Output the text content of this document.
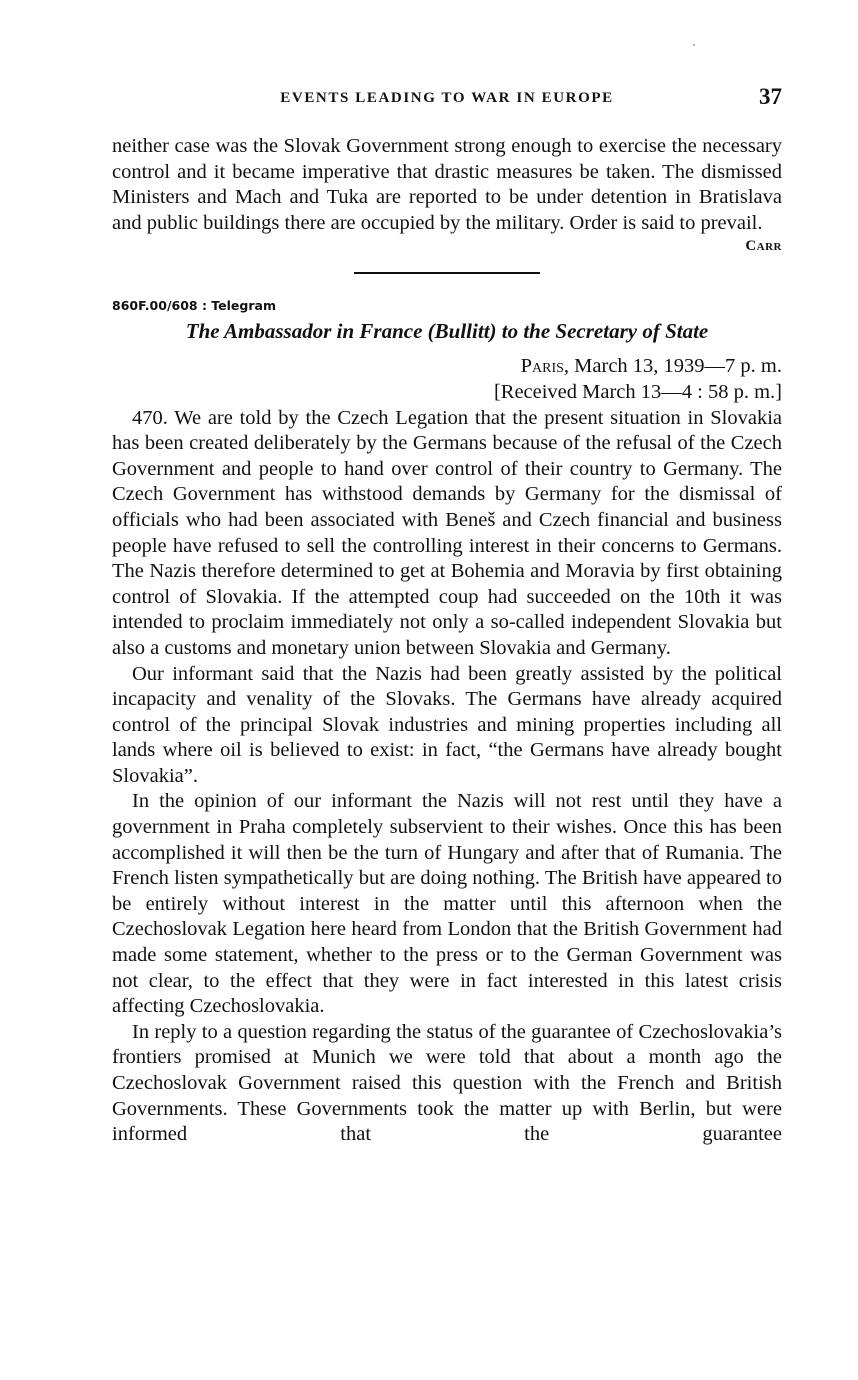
EVENTS LEADING TO WAR IN EUROPE	37

neither case was the Slovak Government strong enough to exercise the necessary control and it became imperative that drastic measures be taken. The dismissed Ministers and Mach and Tuka are reported to be under detention in Bratislava and public buildings there are occupied by the military. Order is said to prevail.

Carr
860F.00/608 : Telegram
The Ambassador in France (Bullitt) to the Secretary of State
Paris, March 13, 1939—7 p. m.
[Received March 13—4 : 58 p. m.]

470. We are told by the Czech Legation that the present situation in Slovakia has been created deliberately by the Germans because of the refusal of the Czech Government and people to hand over control of their country to Germany. The Czech Government has withstood demands by Germany for the dismissal of officials who had been associated with Beneš and Czech financial and business people have refused to sell the controlling interest in their concerns to Germans. The Nazis therefore determined to get at Bohemia and Moravia by first obtaining control of Slovakia. If the attempted coup had succeeded on the 10th it was intended to proclaim immediately not only a so-called independent Slovakia but also a customs and monetary union between Slovakia and Germany.

Our informant said that the Nazis had been greatly assisted by the political incapacity and venality of the Slovaks. The Germans have already acquired control of the principal Slovak industries and mining properties including all lands where oil is believed to exist: in fact, “the Germans have already bought Slovakia”.

In the opinion of our informant the Nazis will not rest until they have a government in Praha completely subservient to their wishes. Once this has been accomplished it will then be the turn of Hungary and after that of Rumania. The French listen sympathetically but are doing nothing. The British have appeared to be entirely without interest in the matter until this afternoon when the Czechoslovak Legation here heard from London that the British Government had made some statement, whether to the press or to the German Government was not clear, to the effect that they were in fact interested in this latest crisis affecting Czechoslovakia.

In reply to a question regarding the status of the guarantee of Czechoslovakia’s frontiers promised at Munich we were told that about a month ago the Czechoslovak Government raised this question with the French and British Governments. These Governments took the matter up with Berlin, but were informed that the guarantee
